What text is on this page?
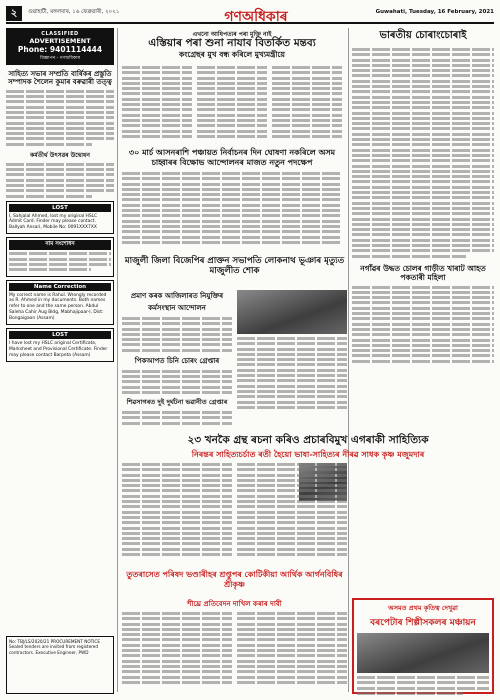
২	গুৱাহাটী, মঙ্গলবাৰ, ১৬ ফেব্ৰুৱাৰী, ২০২১	গণঅধিকাৰ	Guwahati, Tuesday, 16 February, 2021
CLASSIFIED
ADVERTISEMENT
Phone: 9401114444
বিজ্ঞাপন - গণঅধিকাৰ
সাহিত্য সভাৰ সম্প্ৰতি বাৰ্ষিকৰ প্ৰস্তুতি সম্পাদক শৈলেন কুমাৰ বৰুৱাৰী তত্ত্ব
কৰ্মতীৰ্থ উৎসৱৰ উদ্বোধন
LOST
I, Sahjalal Ahmed, lost my original HSLC Admit Card. Finder may please contact. Ballyah Ansari, Mobile No: 0091XXX7XX
নাম সংশোধন
Name Correction
My correct name is Rahul. Wrongly recorded as R. Ahmed in my documents. Both names refer to one and the same person. Abdul Saleha Cahir Aug Bldg, Mabhajipaar-I, Dist: Bongaigaon (Assam)
LOST
I have lost my HSLC original Certificate, Marksheet and Provisional Certificate. Finder may please contact Barpeta (Assam)
No: TBJ/LS/2020/21 PROCUREMENT NOTICE Sealed tenders are invited from registered contractors. Executive Engineer, PWD
এখনো আধিপত্যৰ পৰা মুক্তি নাই
এস্তিয়াৰ পৰা শুনা নাযাব বিতৰ্কিত মন্তব্য
কংগ্ৰেছৰ মুখ বন্ধ কৰিলে মুখ্যমন্ত্ৰীয়ে
৩০ মাৰ্চ আসনৰাশি পঞ্চায়ত নিৰ্বাচনৰ দিন ঘোষণা নকৰিলে অসম চাহ্বাৰৰ বিক্ষোভ আন্দোলনৰ মাজত নতুন পদক্ষেপ
মাজুলী জিলা বিজেপিৰ প্ৰাক্তন সভাপতি লোকনাথ ভূঞাৰ মৃত্যুত মাজুলীত শোক
প্ৰমাণ কৰক আজিলাৰত নিযুক্তিৰ কৰ্মসংস্থান আন্দোলন
পিকআপত চিনি চোৰং গ্ৰেপ্তাৰ
শিৱসাগৰত দুই দুৰ্ঘটনা ভৱানীত গ্ৰেপ্তাৰ
ভাৰতীয় চোৰাংচোৰাই
নগাঁৱৰ উদ্ধত চোলৰ গাড়ীত খাৰাট আহত পকতাৰী মহিলা
২৩ খনকৈ গ্ৰন্থ ৰচনা কৰিও প্ৰচাৰবিমুখ এগৰাকী সাহিত্যিক
নিৰন্তৰ সাহিত্যচৰ্চাত ৰতী হৈয়ো ভাষা-সাহিত্যৰ নীৰৱ সাধক কৃষ্ণ মজুমদাৰ
তুতৰাসেত পৰিষদ ভণ্ডাৰীহৰ শ্ৰপ্তুপৰ কোটিকীয়া আৰ্থিক আৰ্গনবিধিৰ শ্ৰীকৃষ্ণ
শীঘ্ৰে প্ৰতিবেদন দাখিল কৰাৰ দাবী	অসমত প্ৰথম কৃতিত্ব দেখুৱা
বৰপেটাৰ শিল্পীসকলৰ মঞ্চায়ন
